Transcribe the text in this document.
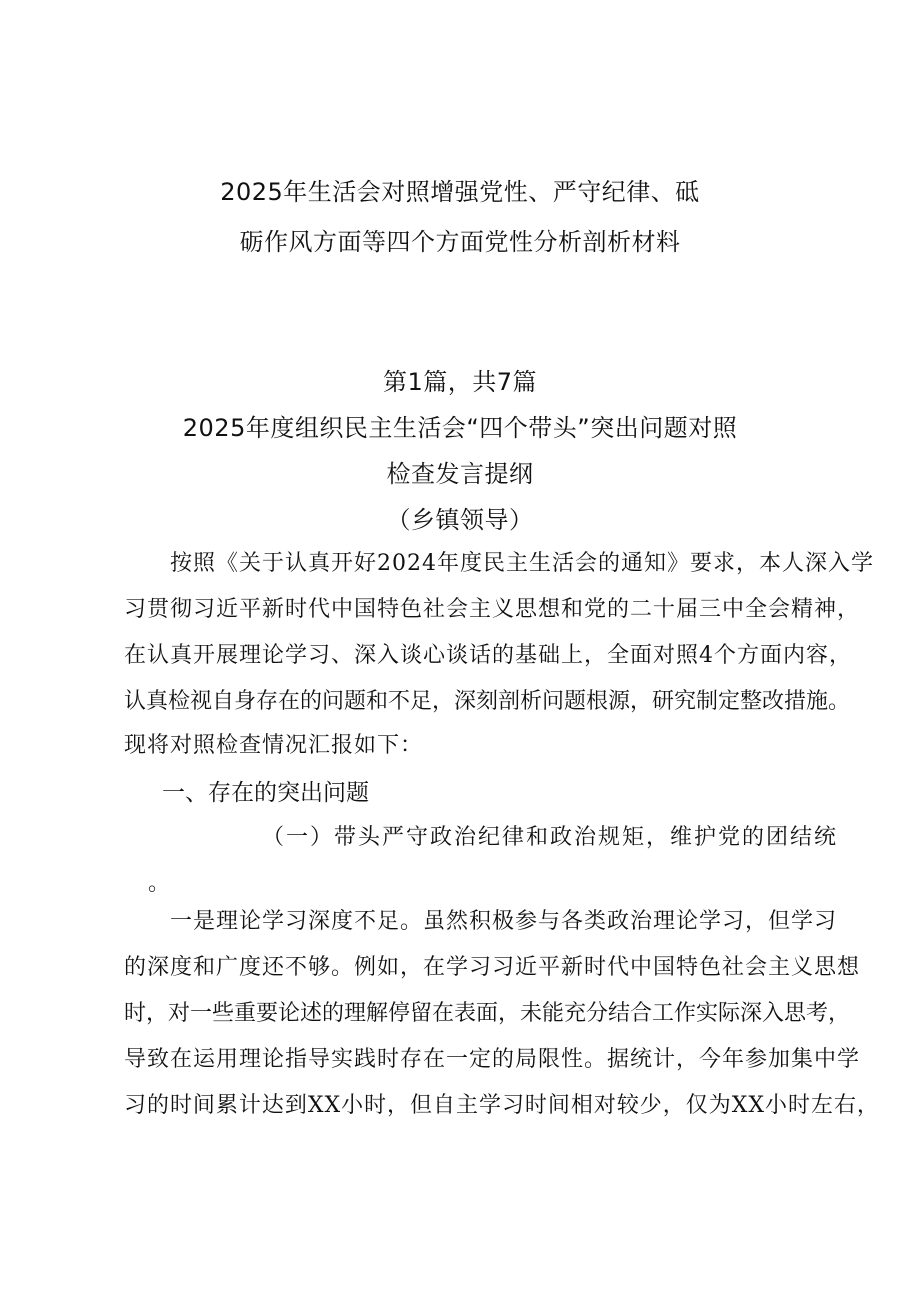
2025年生活会对照增强党性、严守纪律、砥
砺作风方面等四个方面党性分析剖析材料
第1篇，共7篇
2025年度组织民主生活会“四个带头”突出问题对照
检查发言提纲
（乡镇领导）
按照《关于认真开好2024年度民主生活会的通知》要求，本人深入学
习贯彻习近平新时代中国特色社会主义思想和党的二十届三中全会精神，
在认真开展理论学习、深入谈心谈话的基础上，全面对照4个方面内容，
认真检视自身存在的问题和不足，深刻剖析问题根源，研究制定整改措施。
现将对照检查情况汇报如下：
一、存在的突出问题
（一）带头严守政治纪律和政治规矩，维护党的团结统
。
一是理论学习深度不足。虽然积极参与各类政治理论学习，但学习
的深度和广度还不够。例如，在学习习近平新时代中国特色社会主义思想
时，对一些重要论述的理解停留在表面，未能充分结合工作实际深入思考，
导致在运用理论指导实践时存在一定的局限性。据统计，今年参加集中学
习的时间累计达到XX小时，但自主学习时间相对较少，仅为XX小时左右，
